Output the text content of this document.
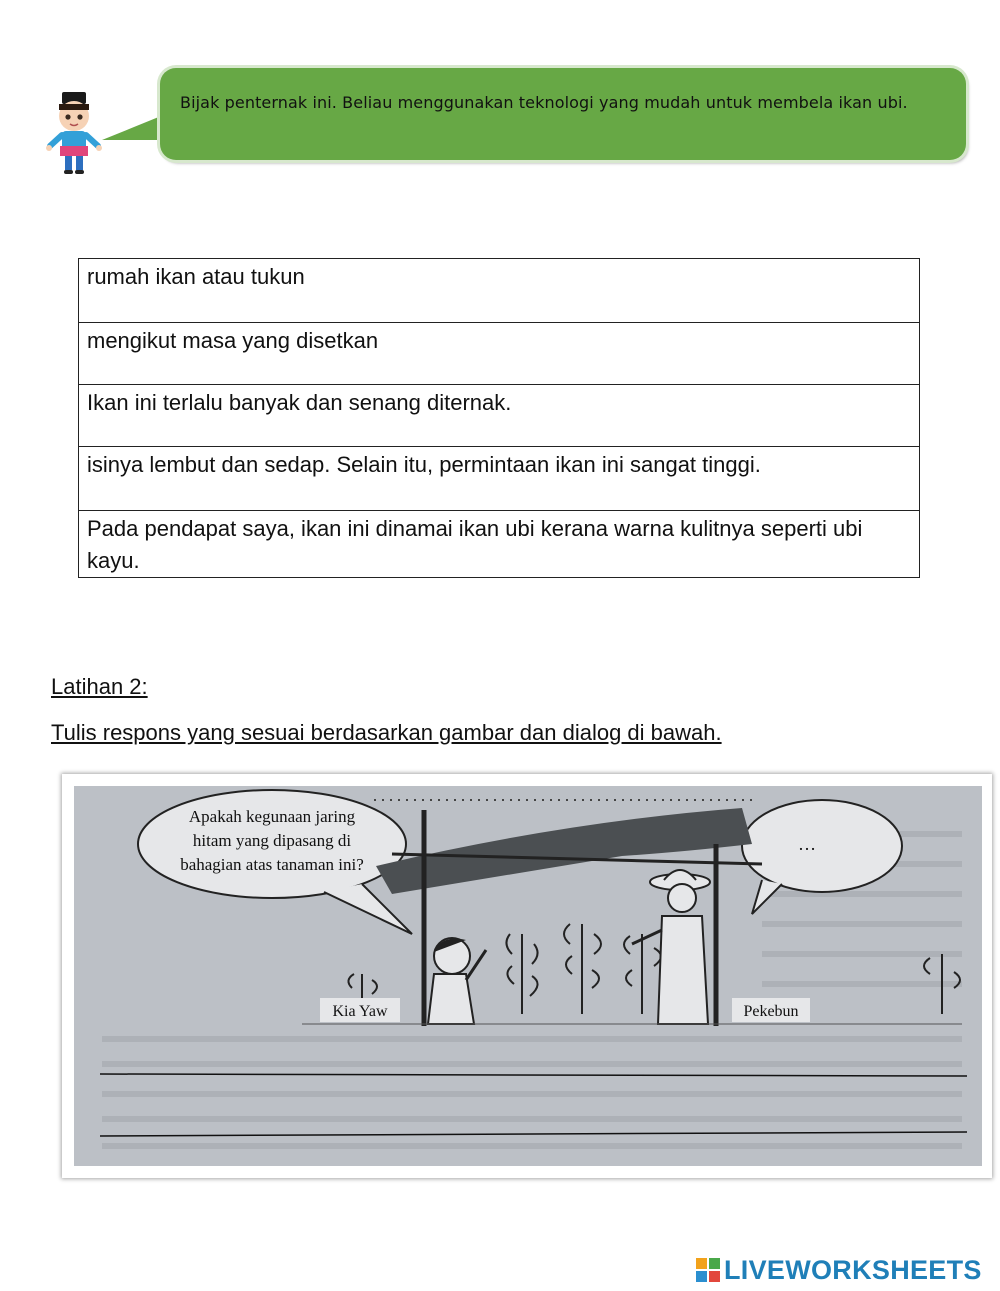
Bijak penternak ini. Beliau menggunakan teknologi yang mudah untuk membela ikan ubi.
rumah ikan atau tukun
mengikut masa yang disetkan
Ikan ini terlalu banyak dan senang diternak.
isinya lembut dan sedap. Selain itu, permintaan ikan ini sangat tinggi.
Pada pendapat saya, ikan ini dinamai ikan ubi kerana warna kulitnya seperti ubi kayu.
Latihan 2:
Tulis respons yang sesuai berdasarkan gambar dan dialog di bawah.
Apakah kegunaan jaring
hitam yang dipasang di
bahagian atas tanaman ini?
…
Kia Yaw	Pekebun
LIVEWORKSHEETS
